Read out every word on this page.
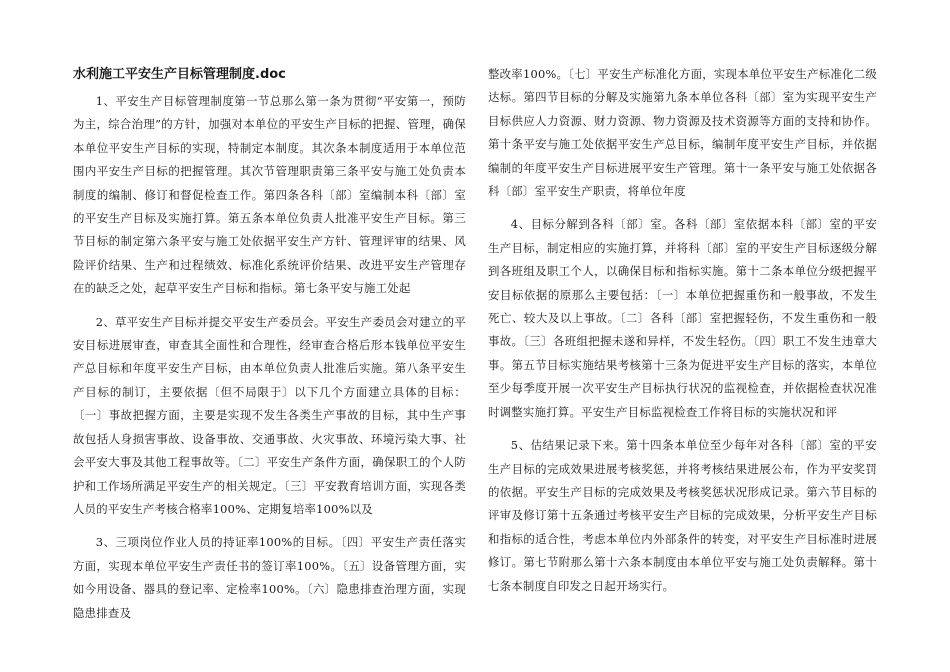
水利施工平安生产目标管理制度.doc

1、平安生产目标管理制度第一节总那么第一条为贯彻“平安第一，预防为主，综合治理”的方针，加强对本单位的平安生产目标的把握、管理，确保本单位平安生产目标的实现，特制定本制度。其次条本制度适用于本单位范围内平安生产目标的把握管理。其次节管理职责第三条平安与施工处负责本制度的编制、修订和督促检查工作。第四条各科〔部〕室编制本科〔部〕室的平安生产目标及实施打算。第五条本单位负责人批准平安生产目标。第三节目标的制定第六条平安与施工处依据平安生产方针、管理评审的结果、风险评价结果、生产和过程绩效、标准化系统评价结果、改进平安生产管理存在的缺乏之处，起草平安生产目标和指标。第七条平安与施工处起

2、草平安生产目标并提交平安生产委员会。平安生产委员会对建立的平安目标进展审查，审查其全面性和合理性，经审查合格后形本钱单位平安生产总目标和年度平安生产目标，由本单位负责人批准后实施。第八条平安生产目标的制订，主要依据〔但不局限于〕以下几个方面建立具体的目标：〔一〕事故把握方面，主要是实现不发生各类生产事故的目标，其中生产事故包括人身损害事故、设备事故、交通事故、火灾事故、环境污染大事、社会平安大事及其他工程事故等。〔二〕平安生产条件方面，确保职工的个人防护和工作场所满足平安生产的相关规定。〔三〕平安教育培训方面，实现各类人员的平安生产考核合格率100%、定期复培率100%以及

3、三项岗位作业人员的持证率100%的目标。〔四〕平安生产责任落实方面，实现本单位平安生产责任书的签订率100%。〔五〕设备管理方面，实如今用设备、器具的登记率、定检率100%。〔六〕隐患排查治理方面，实现隐患排查及

整改率100%。〔七〕平安生产标准化方面，实现本单位平安生产标准化二级达标。第四节目标的分解及实施第九条本单位各科〔部〕室为实现平安生产目标供应人力资源、财力资源、物力资源及技术资源等方面的支持和协作。第十条平安与施工处依据平安生产总目标，编制年度平安生产目标，并依据编制的年度平安生产目标进展平安生产管理。第十一条平安与施工处依据各科〔部〕室平安生产职责，将单位年度

4、目标分解到各科〔部〕室。各科〔部〕室依据本科〔部〕室的平安生产目标，制定相应的实施打算，并将科〔部〕室的平安生产目标逐级分解到各班组及职工个人，以确保目标和指标实施。第十二条本单位分级把握平安目标依据的原那么主要包括：〔一〕本单位把握重伤和一般事故，不发生死亡、较大及以上事故。〔二〕各科〔部〕室把握轻伤，不发生重伤和一般事故。〔三〕各班组把握未遂和异样，不发生轻伤。〔四〕职工不发生违章大事。第五节目标实施结果考核第十三条为促进平安生产目标的落实，本单位至少每季度开展一次平安生产目标执行状况的监视检查，并依据检查状况准时调整实施打算。平安生产目标监视检查工作将目标的实施状况和评

5、估结果记录下来。第十四条本单位至少每年对各科〔部〕室的平安生产目标的完成效果进展考核奖惩，并将考核结果进展公布，作为平安奖罚的依据。平安生产目标的完成效果及考核奖惩状况形成记录。第六节目标的评审及修订第十五条通过考核平安生产目标的完成效果，分析平安生产目标和指标的适合性，考虑本单位内外部条件的转变，对平安生产目标准时进展修订。第七节附那么第十六条本制度由本单位平安与施工处负责解释。第十七条本制度自印发之日起开场实行。
